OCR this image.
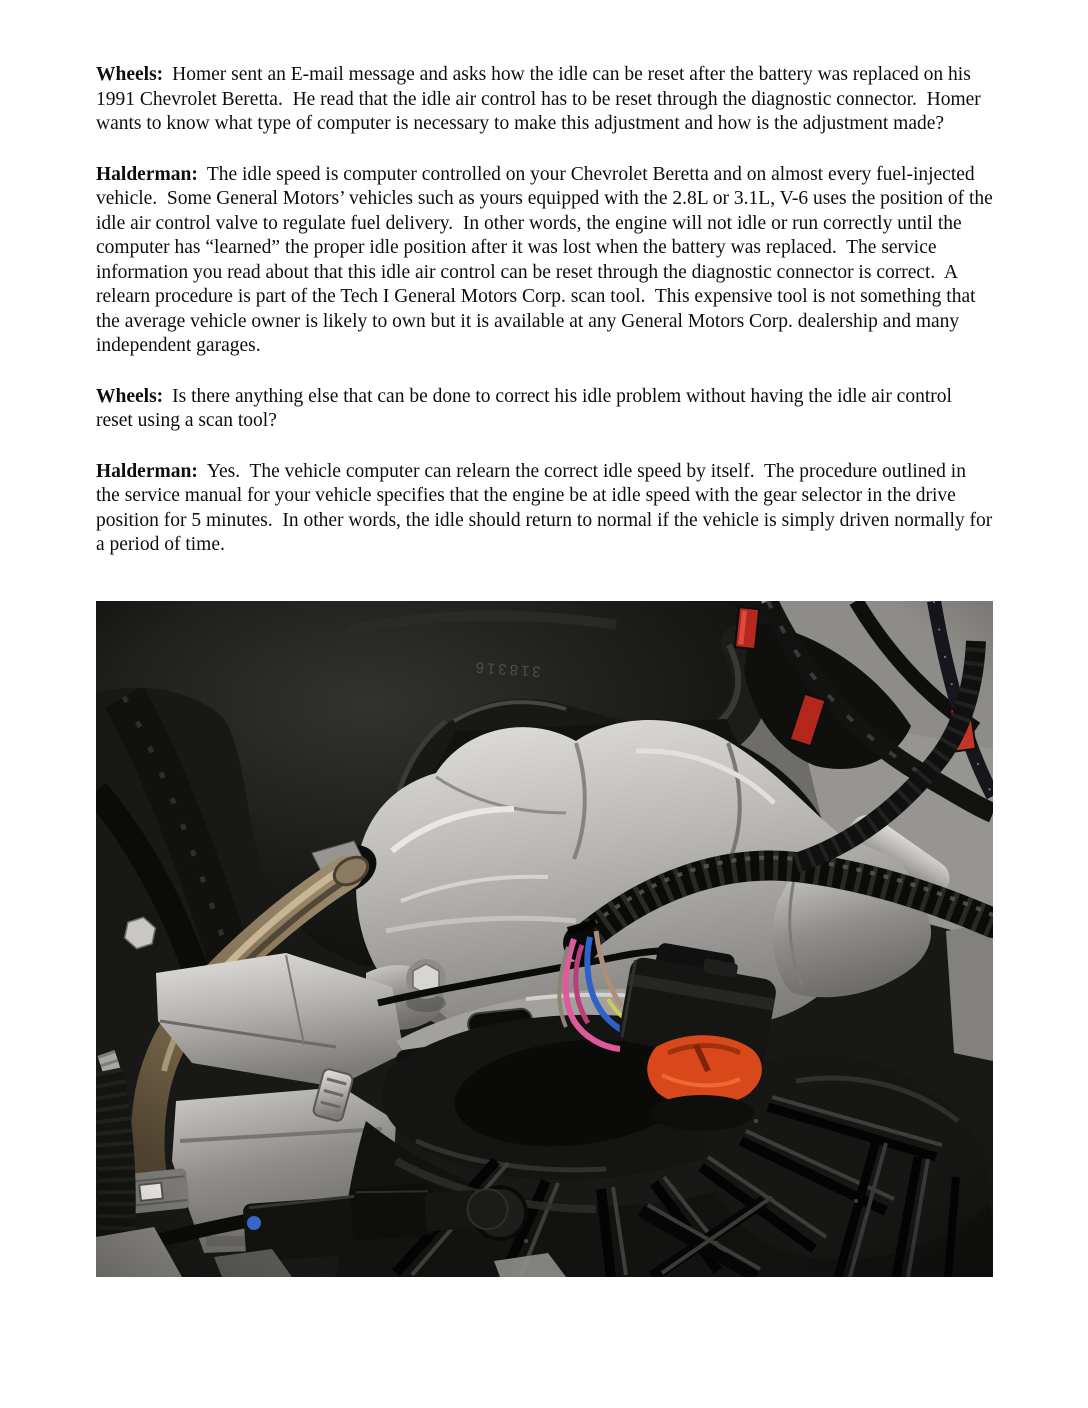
Wheels: Homer sent an E-mail message and asks how the idle can be reset after the battery was replaced on his 1991 Chevrolet Beretta.  He read that the idle air control has to be reset through the diagnostic connector.  Homer wants to know what type of computer is necessary to make this adjustment and how is the adjustment made?

Halderman: The idle speed is computer controlled on your Chevrolet Beretta and on almost every fuel-injected vehicle.  Some General Motors’ vehicles such as yours equipped with the 2.8L or 3.1L, V-6 uses the position of the idle air control valve to regulate fuel delivery.  In other words, the engine will not idle or run correctly until the computer has “learned” the proper idle position after it was lost when the battery was replaced.  The service information you read about that this idle air control can be reset through the diagnostic connector is correct.  A relearn procedure is part of the Tech I General Motors Corp. scan tool.  This expensive tool is not something that the average vehicle owner is likely to own but it is available at any General Motors Corp. dealership and many independent garages.

Wheels: Is there anything else that can be done to correct his idle problem without having the idle air control reset using a scan tool?

Halderman: Yes.  The vehicle computer can relearn the correct idle speed by itself.  The procedure outlined in the service manual for your vehicle specifies that the engine be at idle speed with the gear selector in the drive position for 5 minutes.  In other words, the idle should return to normal if the vehicle is simply driven normally for a period of time.
